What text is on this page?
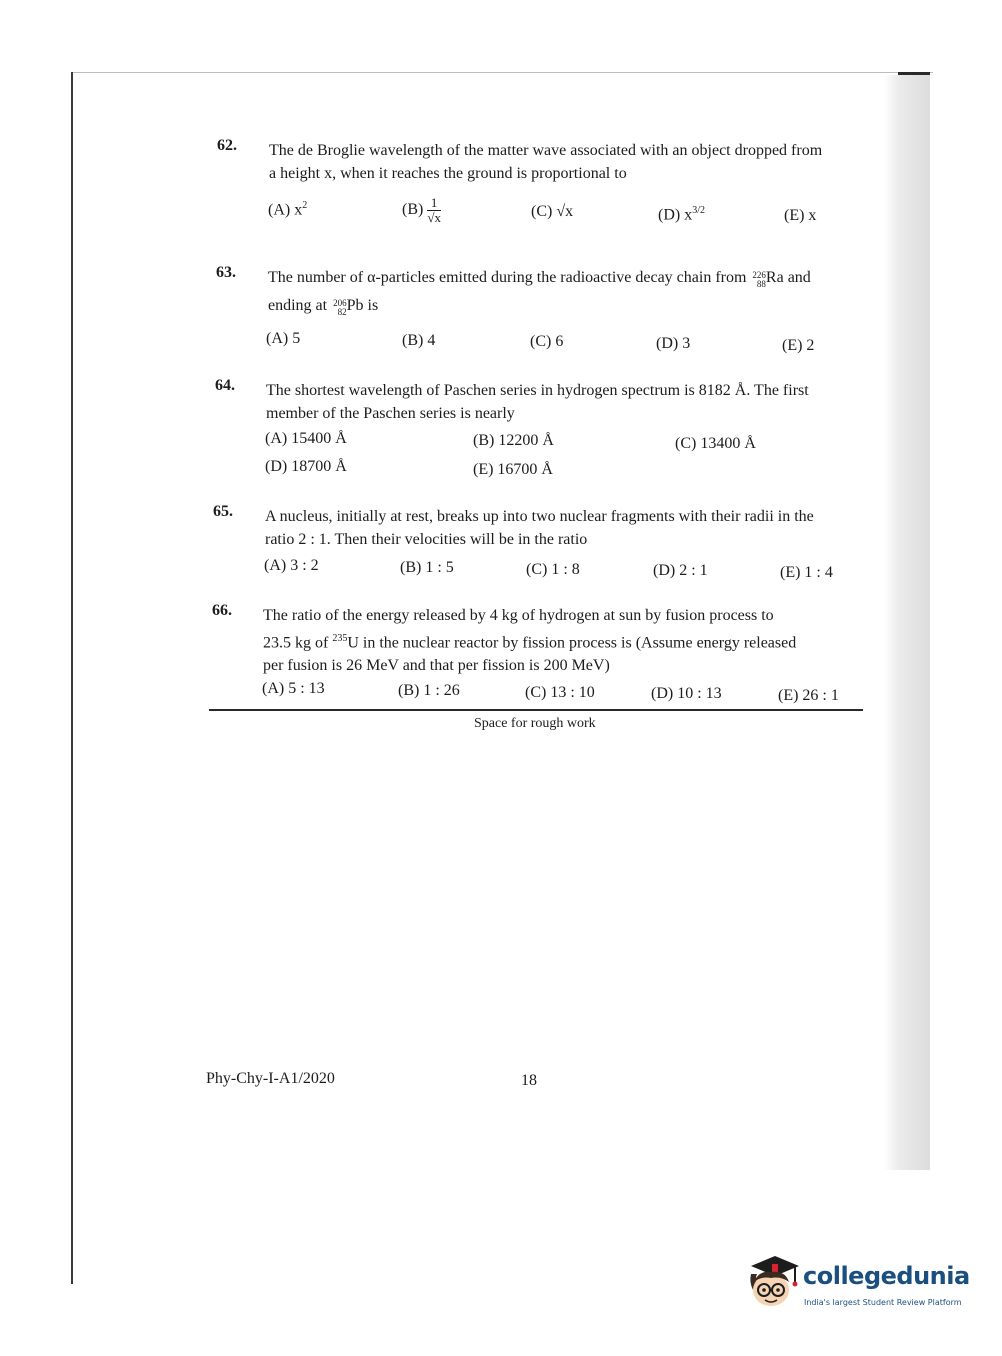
62. The de Broglie wavelength of the matter wave associated with an object dropped from
a height x, when it reaches the ground is proportional to
(A) $x^2$	$(B) \frac{1}{√x}$	(C) √x	(D) $x^{3/2}$	(E) x
63. The number of α-particles emitted during the radioactive decay chain from 226
88 Ra and
ending at 206
82 Pb is
(A) 5	(B) 4	(C) 6	(D) 3	(E) 2
64. The shortest wavelength of Paschen series in hydrogen spectrum is 8182 Å. The first
member of the Paschen series is nearly
(A) 15400 Å	(B) 12200 Å	(C) 13400 Å
(D) 18700 Å	(E) 16700 Å
65. A nucleus, initially at rest, breaks up into two nuclear fragments with their radii in the
ratio 2 : 1. Then their velocities will be in the ratio
(A) 3 : 2	(B) 1 : 5	(C) 1 : 8	(D) 2 : 1	(E) 1 : 4
66. The ratio of the energy released by 4 kg of hydrogen at sun by fusion process to
23.5 kg of $^{235}$U in the nuclear reactor by fission process is (Assume energy released
per fusion is 26 MeV and that per fission is 200 MeV)
(A) 5 : 13	(B) 1 : 26	(C) 13 : 10	(D) 10 : 13	(E) 26 : 1
Space for rough work
Phy-Chy-I-A1/2020	18
collegedunia
India's largest Student Review Platform
